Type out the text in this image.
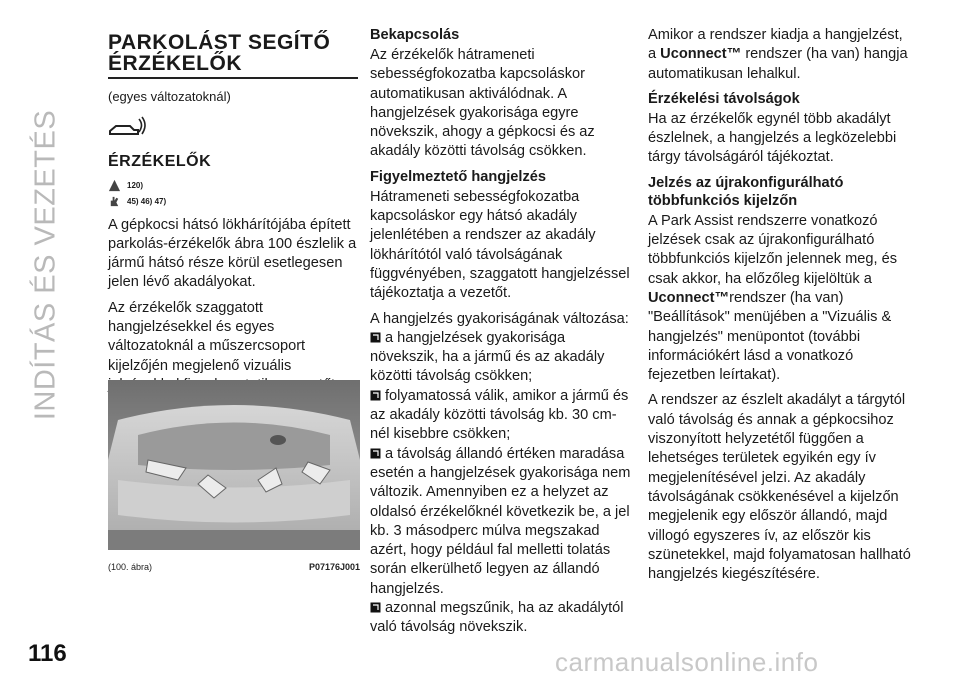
INDÍTÁS ÉS VEZETÉS
116
PARKOLÁST SEGÍTŐ
ÉRZÉKELŐK

(egyes változatoknál)

ÉRZÉKELŐK
120)
45) 46) 47)

A gépkocsi hátsó lökhárítójába épített parkolás-érzékelők ábra 100 észlelik a jármű hátsó része körül esetlegesen jelen lévő akadályokat.

Az érzékelők szaggatott hangjelzésekkel és egyes változatoknál a műszercsoport kijelzőjén megjelenő vizuális

(100. ábra)	P07176J001
Bekapcsolás

Az érzékelők hátrameneti sebességfokozatba kapcsoláskor automatikusan aktiválódnak. A hangjelzések gyakorisága egyre növekszik, ahogy a gépkocsi és az akadály közötti távolság csökken.

Figyelmeztető hangjelzés

Hátrameneti sebességfokozatba kapcsoláskor egy hátsó akadály jelenlétében a rendszer az akadály lökhárítótól való távolságának függvényében, szaggatott hangjelzéssel tájékoztatja a vezetőt.

A hangjelzés gyakoriságának változása:

a hangjelzések gyakorisága növekszik, ha a jármű és az akadály közötti távolság csökken;
folyamatossá válik, amikor a jármű és az akadály közötti távolság kb. 30 cm-nél kisebbre csökken;
a távolság állandó értéken maradása esetén a hangjelzések gyakorisága nem változik. Amennyiben ez a helyzet az oldalsó érzékelőknél következik be, a jel kb. 3 másodperc múlva megszakad azért, hogy például fal melletti tolatás során elkerülhető legyen az állandó hangjelzés.
azonnal megszűnik, ha az akadálytól való távolság növekszik.

Amikor a rendszer kiadja a hangjelzést, a Uconnect™ rendszer (ha van) hangja automatikusan lehalkul.

Érzékelési távolságok

Ha az érzékelők egynél több akadályt észlelnek, a hangjelzés a legközelebbi tárgy távolságáról tájékoztat.

Jelzés az újrakonfigurálható többfunkciós kijelzőn

A Park Assist rendszerre vonatkozó jelzések csak az újrakonfigurálható többfunkciós kijelzőn jelennek meg, és csak akkor, ha előzőleg kijelöltük a Uconnect™rendszer (ha van) "Beállítások" menüjében a "Vizuális & hangjelzés" menüpontot (további információkért lásd a vonatkozó fejezetben leírtakat).

A rendszer az észlelt akadályt a tárgytól való távolság és annak a gépkocsihoz viszonyított helyzetétől függően a lehetséges területek egyikén egy ív megjelenítésével jelzi. Az akadály távolságának csökkenésével a kijelzőn megjelenik egy először állandó, majd villogó egyszeres ív, az először kis szünetekkel, majd folyamatosan hallható hangjelzés kiegészítésére.

carmanualsonline.info
